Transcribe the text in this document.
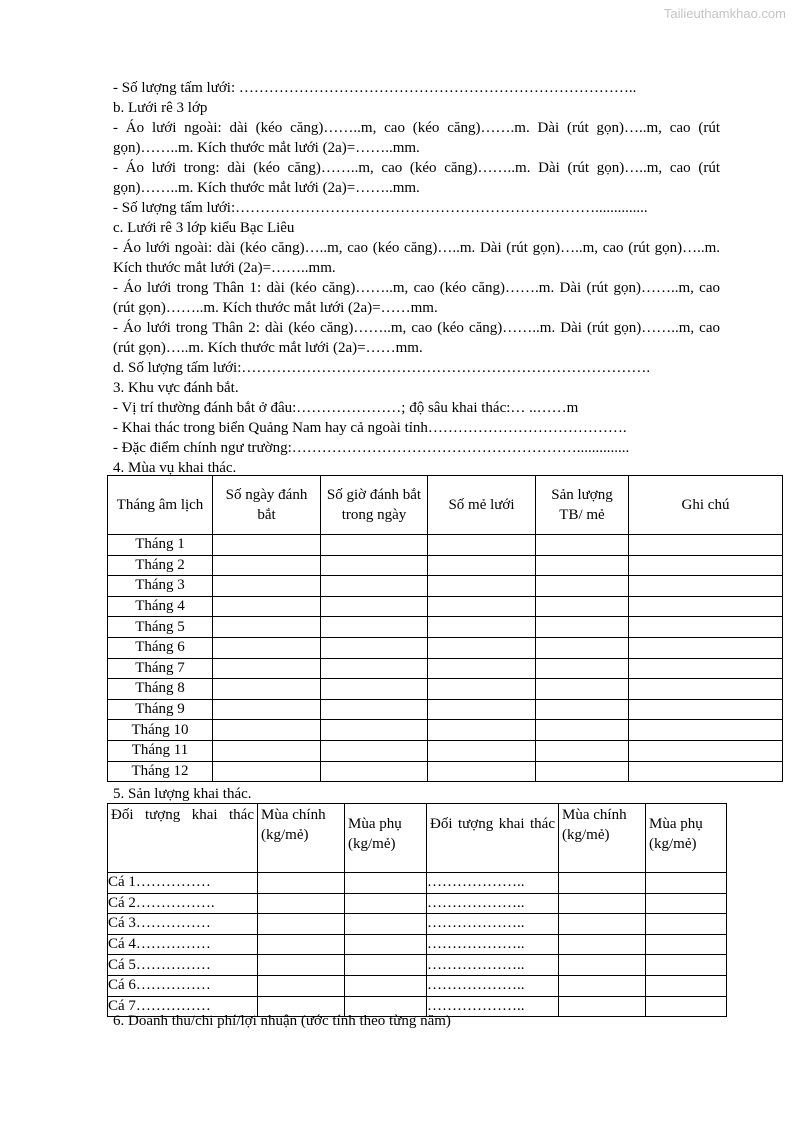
Tailieuthamkhao.com
- Số lượng tấm lưới: ……………………………………………………………………..
b. Lưới rê 3 lớp
- Áo lưới ngoài: dài (kéo căng)……..m, cao (kéo căng)…….m. Dài (rút gọn)…..m, cao (rút gọn)……..m. Kích thước mắt lưới (2a)=……..mm.
- Áo lưới trong: dài (kéo căng)……..m, cao (kéo căng)……..m. Dài (rút gọn)…..m, cao (rút gọn)……..m. Kích thước mắt lưới (2a)=……..mm.
- Số lượng tấm lưới:………………………………………………………………..............
c. Lưới rê 3 lớp kiểu Bạc Liêu
- Áo lưới ngoài: dài (kéo căng)…..m, cao (kéo căng)…..m. Dài (rút gọn)…..m, cao (rút gọn)…..m. Kích thước mắt lưới (2a)=……..mm.
- Áo lưới trong Thân 1: dài (kéo căng)……..m, cao (kéo căng)…….m. Dài (rút gọn)……..m, cao (rút gọn)……..m. Kích thước mắt lưới (2a)=……mm.
- Áo lưới trong Thân 2: dài (kéo căng)……..m, cao (kéo căng)……..m. Dài (rút gọn)……..m, cao (rút gọn)…..m. Kích thước mắt lưới (2a)=……mm.
d. Số lượng tấm lưới:……………………………………………………………………….
3. Khu vực đánh bắt.
- Vị trí thường đánh bắt ở đâu:…………………; độ sâu khai thác:… ..……m
- Khai thác trong biển Quảng Nam hay cả ngoài tỉnh………………………………….
- Đặc điểm chính ngư trường:…………………………………………………..............
4. Mùa vụ khai thác.
Tháng âm lịch	Số ngày đánh bắt	Số giờ đánh bắt trong ngày	Số mẻ lưới	Sản lượng TB/ mẻ	Ghi chú
Tháng 1					
Tháng 2					
Tháng 3					
Tháng 4					
Tháng 5					
Tháng 6					
Tháng 7					
Tháng 8					
Tháng 9					
Tháng 10					
Tháng 11					
Tháng 12					
5. Sản lượng khai thác.
Đối tượng khai thác	Mùa chính (kg/mẻ)	Mùa phụ (kg/mẻ)	Đối tượng khai thác	Mùa chính (kg/mẻ)	Mùa phụ (kg/mẻ)
Cá 1……………			………………..		
Cá 2…………….			………………..		
Cá 3……………			………………..		
Cá 4……………			………………..		
Cá 5……………			………………..		
Cá 6……………			………………..		
Cá 7……………			………………..		
6. Doanh thu/chi phí/lợi nhuận (ước tính theo từng năm)
